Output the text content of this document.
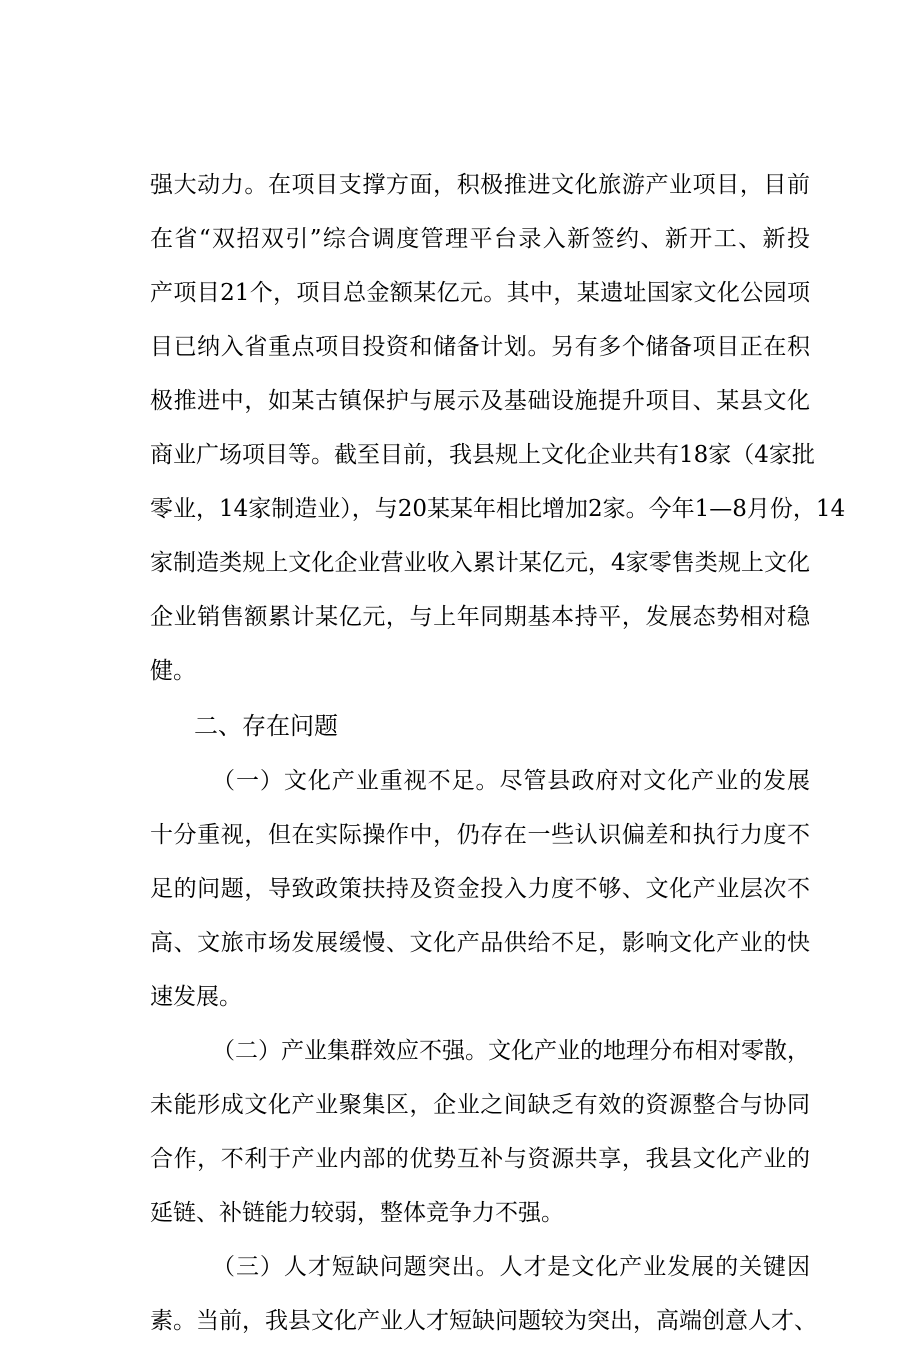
强大动力。在项目支撑方面，积极推进文化旅游产业项目，目前
在省“双招双引”综合调度管理平台录入新签约、新开工、新投
产项目21个，项目总金额某亿元。其中，某遗址国家文化公园项
目已纳入省重点项目投资和储备计划。另有多个储备项目正在积
极推进中，如某古镇保护与展示及基础设施提升项目、某县文化
商业广场项目等。截至目前，我县规上文化企业共有18家（4家批
零业，14家制造业），与20某某年相比增加2家。今年1—8月份，14
家制造类规上文化企业营业收入累计某亿元，4家零售类规上文化
企业销售额累计某亿元，与上年同期基本持平，发展态势相对稳
健。
二、存在问题
（一）文化产业重视不足。尽管县政府对文化产业的发展
十分重视，但在实际操作中，仍存在一些认识偏差和执行力度不
足的问题，导致政策扶持及资金投入力度不够、文化产业层次不
高、文旅市场发展缓慢、文化产品供给不足，影响文化产业的快
速发展。
（二）产业集群效应不强。文化产业的地理分布相对零散，
未能形成文化产业聚集区，企业之间缺乏有效的资源整合与协同
合作，不利于产业内部的优势互补与资源共享，我县文化产业的
延链、补链能力较弱，整体竞争力不强。
（三）人才短缺问题突出。人才是文化产业发展的关键因
素。当前，我县文化产业人才短缺问题较为突出，高端创意人才、
